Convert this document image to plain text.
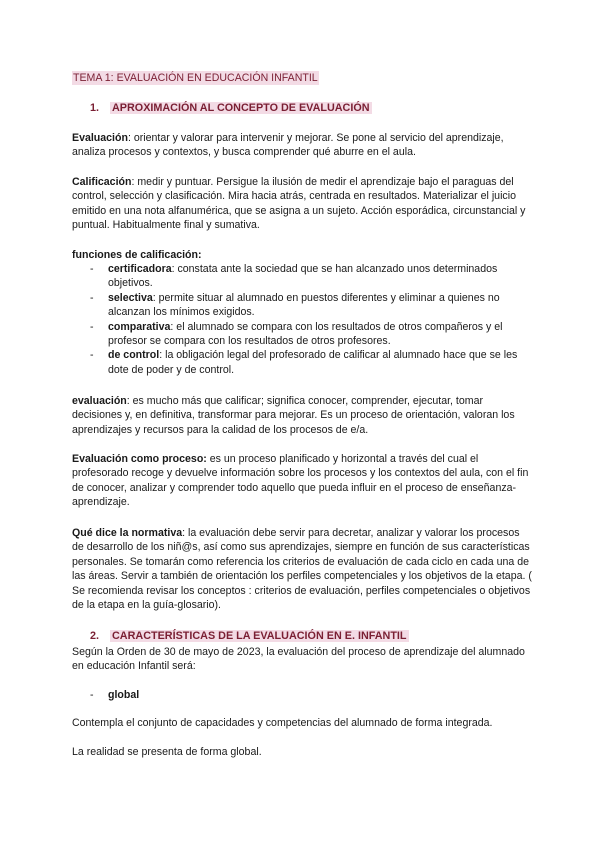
TEMA 1: EVALUACIÓN EN EDUCACIÓN INFANTIL
1. APROXIMACIÓN AL CONCEPTO DE EVALUACIÓN

Evaluación: orientar y valorar para intervenir y mejorar. Se pone al servicio del aprendizaje, analiza procesos y contextos, y busca comprender qué aburre en el aula.

Calificación: medir y puntuar. Persigue la ilusión de medir el aprendizaje bajo el paraguas del control, selección y clasificación. Mira hacia atrás, centrada en resultados. Materializar el juicio emitido en una nota alfanumérica, que se asigna a un sujeto. Acción esporádica, circunstancial y puntual. Habitualmente final y sumativa.

funciones de calificación:

- certificadora: constata ante la sociedad que se han alcanzado unos determinados objetivos.

- selectiva: permite situar al alumnado en puestos diferentes y eliminar a quienes no alcanzan los mínimos exigidos.

- comparativa: el alumnado se compara con los resultados de otros compañeros y el profesor se compara con los resultados de otros profesores.

- de control: la obligación legal del profesorado de calificar al alumnado hace que se les dote de poder y de control.

evaluación: es mucho más que calificar; significa conocer, comprender, ejecutar, tomar decisiones y, en definitiva, transformar para mejorar. Es un proceso de orientación, valoran los aprendizajes y recursos para la calidad de los procesos de e/a.

Evaluación como proceso: es un proceso planificado y horizontal a través del cual el profesorado recoge y devuelve información sobre los procesos y los contextos del aula, con el fin de conocer, analizar y comprender todo aquello que pueda influir en el proceso de enseñanza- aprendizaje.

Qué dice la normativa: la evaluación debe servir para decretar, analizar y valorar los procesos de desarrollo de los niñ@s, así como sus aprendizajes, siempre en función de sus características personales. Se tomarán como referencia los criterios de evaluación de cada ciclo en cada una de las áreas. Servir a también de orientación los perfiles competenciales y los objetivos de la etapa. ( Se recomienda revisar los conceptos : criterios de evaluación, perfiles competenciales o objetivos de la etapa en la guía-glosario).

2. CARACTERÍSTICAS DE LA EVALUACIÓN EN E. INFANTIL

Según la Orden de 30 de mayo de 2023, la evaluación del proceso de aprendizaje del alumnado en educación Infantil será:

- global

Contempla el conjunto de capacidades y competencias del alumnado de forma integrada.

La realidad se presenta de forma global.
